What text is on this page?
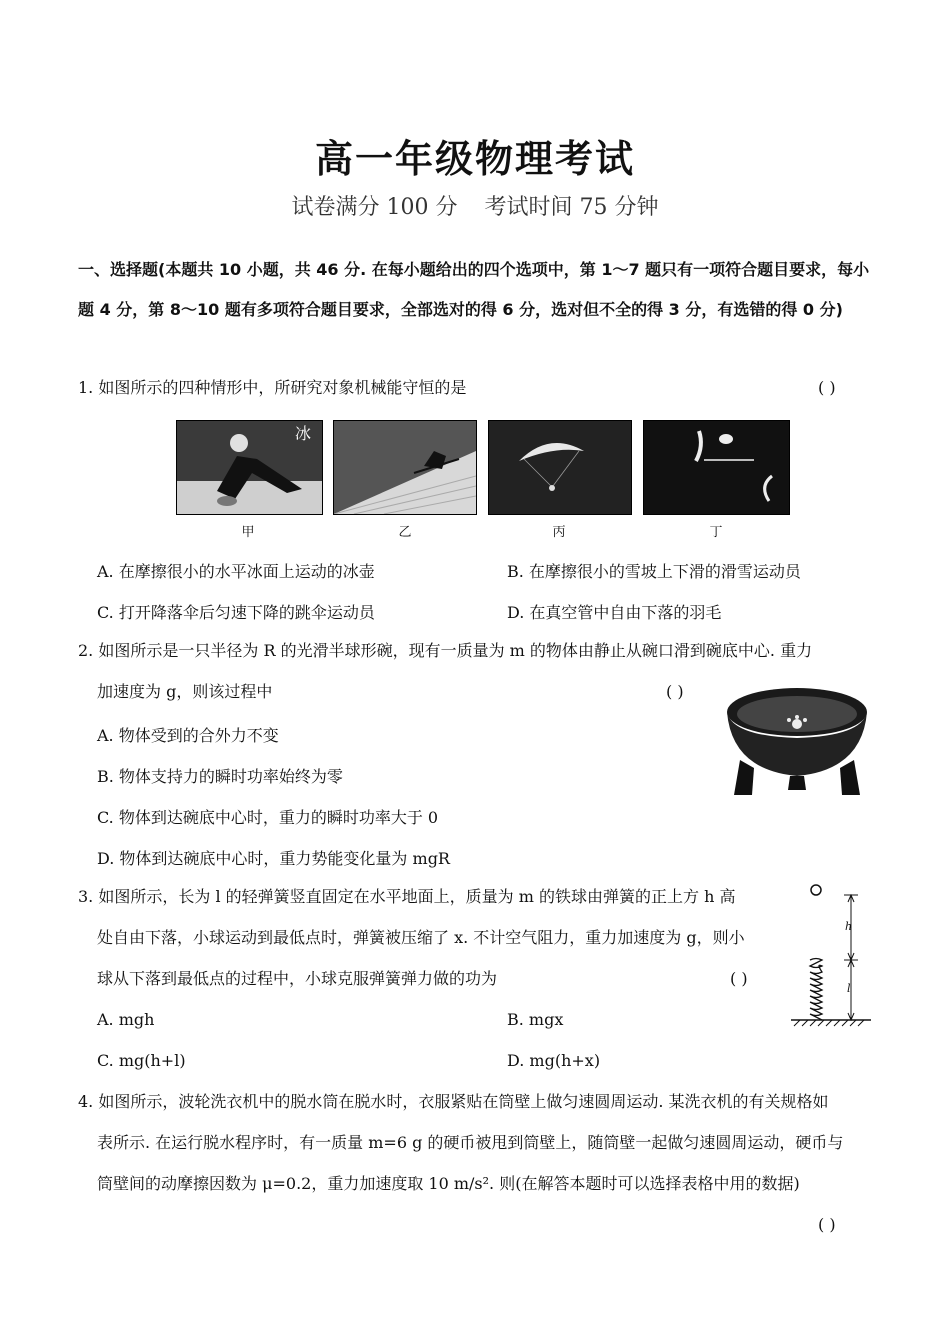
高一年级物理考试
试卷满分 100 分 考试时间 75 分钟
一、选择题(本题共 10 小题，共 46 分. 在每小题给出的四个选项中，第 1～7 题只有一项符合题目要求，每小题 4 分，第 8～10 题有多项符合题目要求，全部选对的得 6 分，选对但不全的得 3 分，有选错的得 0 分)
1. 如图所示的四种情形中，所研究对象机械能守恒的是	( )
冰
甲	乙	丙	丁
A. 在摩擦很小的水平冰面上运动的冰壶	B. 在摩擦很小的雪坡上下滑的滑雪运动员
C. 打开降落伞后匀速下降的跳伞运动员	D. 在真空管中自由下落的羽毛
2. 如图所示是一只半径为 R 的光滑半球形碗，现有一质量为 m 的物体由静止从碗口滑到碗底中心. 重力
加速度为 g，则该过程中	( )
A. 物体受到的合外力不变
B. 物体支持力的瞬时功率始终为零
C. 物体到达碗底中心时，重力的瞬时功率大于 0
D. 物体到达碗底中心时，重力势能变化量为 mgR
3. 如图所示，长为 l 的轻弹簧竖直固定在水平地面上，质量为 m 的铁球由弹簧的正上方 h 高
处自由下落，小球运动到最低点时，弹簧被压缩了 x. 不计空气阻力，重力加速度为 g，则小
球从下落到最低点的过程中，小球克服弹簧弹力做的功为	( )
A. mgh	B. mgx
C. mg(h+l)	D. mg(h+x)
h
l
4. 如图所示，波轮洗衣机中的脱水筒在脱水时，衣服紧贴在筒壁上做匀速圆周运动. 某洗衣机的有关规格如
表所示. 在运行脱水程序时，有一质量 m=6 g 的硬币被甩到筒壁上，随筒壁一起做匀速圆周运动，硬币与
筒壁间的动摩擦因数为 μ=0.2，重力加速度取 10 m/s². 则(在解答本题时可以选择表格中用的数据)
( )
